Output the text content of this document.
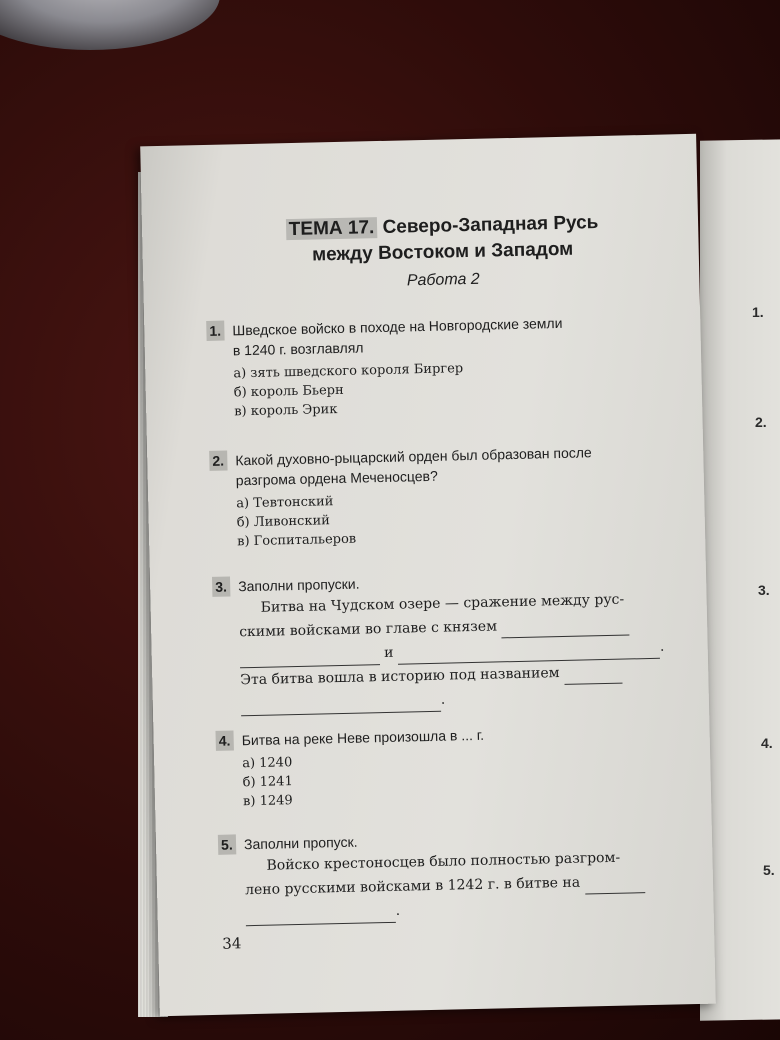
1.
2.
3.
4.
5.
ТЕМА 17. Северо-Западная Русь
между Востоком и Западом
Работа 2
1. Шведское войско в походе на Новгородские земли
в 1240 г. возглавлял
а) зять шведского короля Биргер
б) король Бьерн
в) король Эрик
2. Какой духовно-рыцарский орден был образован после
разгрома ордена Меченосцев?
а) Тевтонский
б) Ливонский
в) Госпитальеров
3. Заполни пропуски.
Битва на Чудском озере — сражение между рус-
скими войсками во главе с князем
и	.
Эта битва вошла в историю под названием
.
4. Битва на реке Неве произошла в ... г.
а) 1240
б) 1241
в) 1249
5. Заполни пропуск.
Войско крестоносцев было полностью разгром-
лено русскими войсками в 1242 г. в битве на
.
34
